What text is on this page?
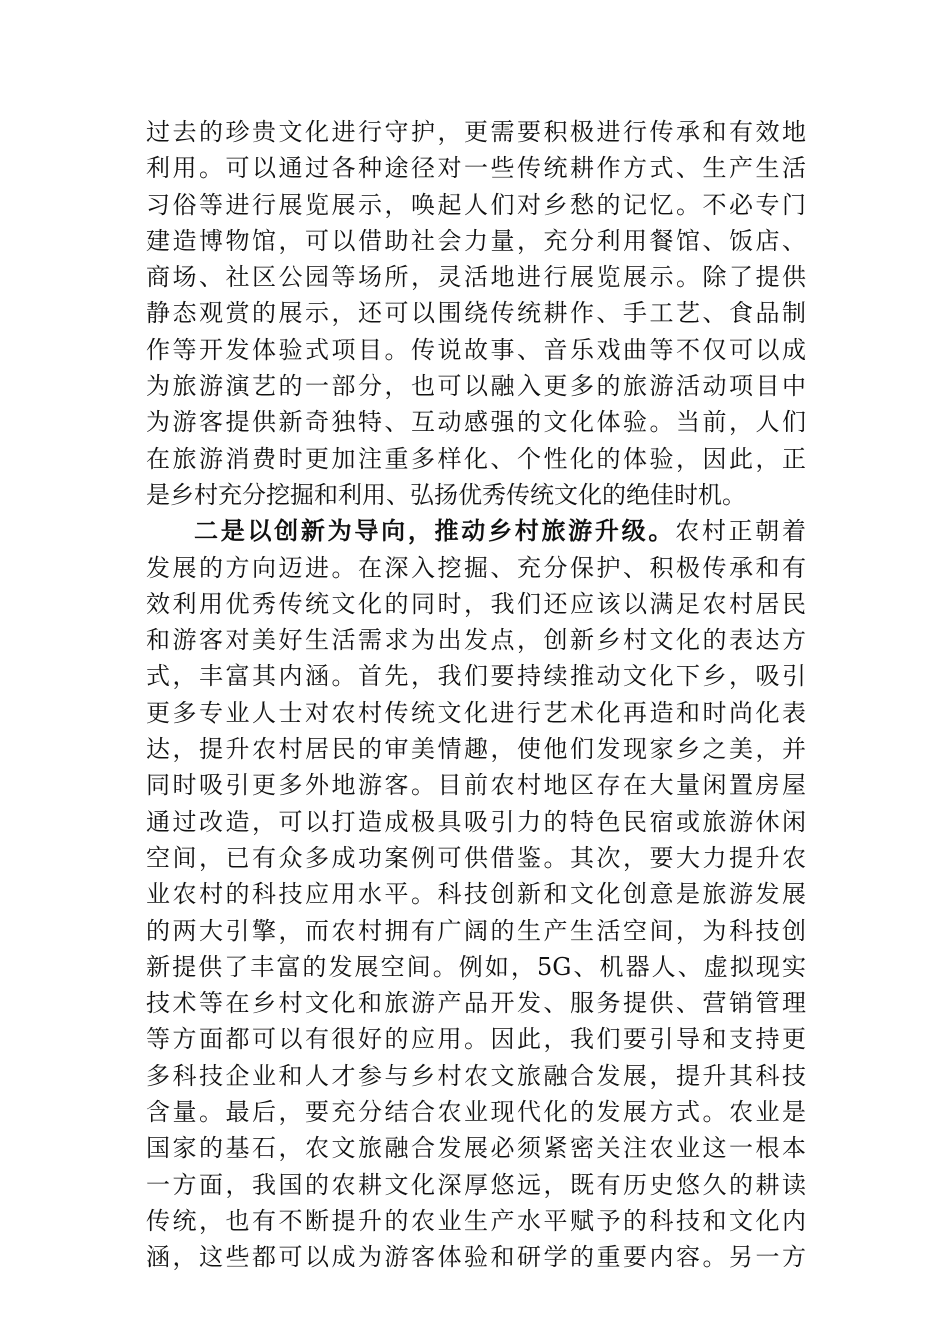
过去的珍贵文化进行守护，更需要积极进行传承和有效地
利用。可以通过各种途径对一些传统耕作方式、生产生活
习俗等进行展览展示，唤起人们对乡愁的记忆。不必专门
建造博物馆，可以借助社会力量，充分利用餐馆、饭店、
商场、社区公园等场所，灵活地进行展览展示。除了提供
静态观赏的展示，还可以围绕传统耕作、手工艺、食品制
作等开发体验式项目。传说故事、音乐戏曲等不仅可以成
为旅游演艺的一部分，也可以融入更多的旅游活动项目中
为游客提供新奇独特、互动感强的文化体验。当前，人们
在旅游消费时更加注重多样化、个性化的体验，因此，正
是乡村充分挖掘和利用、弘扬优秀传统文化的绝佳时机。
二是以创新为导向，推动乡村旅游升级。农村正朝着
发展的方向迈进。在深入挖掘、充分保护、积极传承和有
效利用优秀传统文化的同时，我们还应该以满足农村居民
和游客对美好生活需求为出发点，创新乡村文化的表达方
式，丰富其内涵。首先，我们要持续推动文化下乡，吸引
更多专业人士对农村传统文化进行艺术化再造和时尚化表
达，提升农村居民的审美情趣，使他们发现家乡之美，并
同时吸引更多外地游客。目前农村地区存在大量闲置房屋
通过改造，可以打造成极具吸引力的特色民宿或旅游休闲
空间，已有众多成功案例可供借鉴。其次，要大力提升农
业农村的科技应用水平。科技创新和文化创意是旅游发展
的两大引擎，而农村拥有广阔的生产生活空间，为科技创
新提供了丰富的发展空间。例如，5G、机器人、虚拟现实
技术等在乡村文化和旅游产品开发、服务提供、营销管理
等方面都可以有很好的应用。因此，我们要引导和支持更
多科技企业和人才参与乡村农文旅融合发展，提升其科技
含量。最后，要充分结合农业现代化的发展方式。农业是
国家的基石，农文旅融合发展必须紧密关注农业这一根本
一方面，我国的农耕文化深厚悠远，既有历史悠久的耕读
传统，也有不断提升的农业生产水平赋予的科技和文化内
涵，这些都可以成为游客体验和研学的重要内容。另一方
